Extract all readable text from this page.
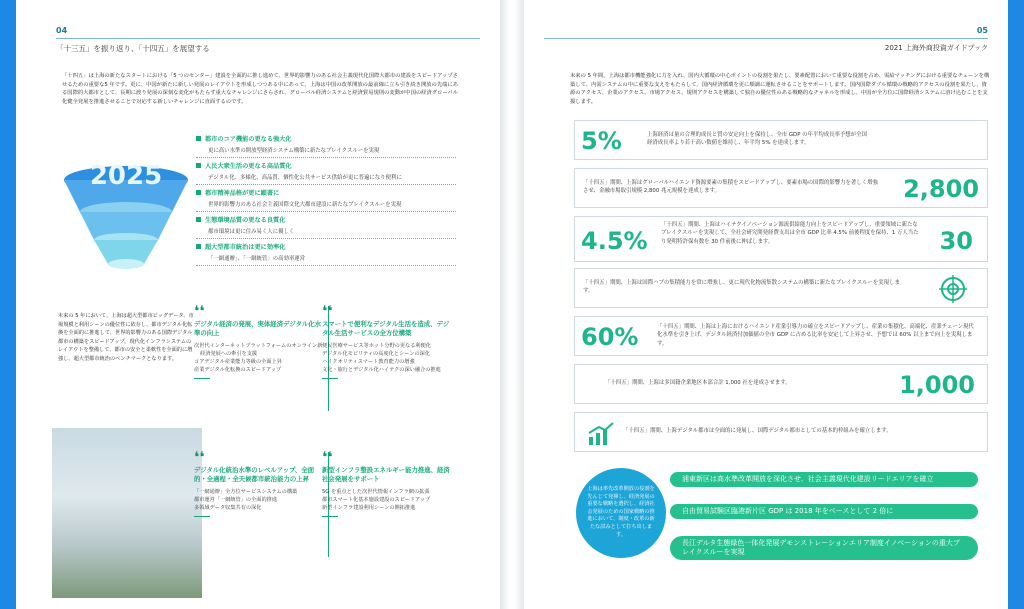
04
「十三五」を振り返り、「十四五」を展望する
「十四五」は上海の新たなスタートにおける「5 つのセンター」建設を全面的に推し進めて、世界的影響力のある社会主義現代化国際大都市の建設をスピードアップさせるための重要な5 年です。更に、中国が新たに新しい発展のレイアウトを形成しつつある中にあって、上海は中国の改革開放の最前線に立ち引き続き開放の先端にある国際的大都市として、長期に渡り発展の深刻な変化がもたらす重大なチャレンジにさらされ、グローバル経済システムと経済貿易規則の変動が中国の経済グローバル化健全発展を推進させることで対応する新しいチャレンジに直面するのです。
2025
都市のコア機能の更なる強大化
更に高い水準の開放型経済システム構築に新たなブレイクスルーを実現
人民大衆生活の更なる高品質化
デジタル化、多様化、高品質、個性化公共サービス供給が更に普遍になり便利に
都市精神品格が更に顕著に
世界的影響力のある社会主義国際文化大都市建設に新たなブレイクスルーを実現
生態環境品質の更なる良質化
都市環境は更に住み易く人に優しく
超大型都市統治は更に効率化
「一網通辦」、「一網統管」の高効率運営
未来の 5 年において、上海は超大型都市ビッグデータ、市場規模と利用シーンの優位性に依存し、都市デジタル化転換を全面的に推進して、世界的影響力のある国際デジタル都市の構築をスピードアップ。現代化インフラシステムのレイアウトを整備して、都市の安全と柔軟性を全面的に増強し、超大型都市統治のベンチマークとなります。
❛❛
デジタル経済の発展、実体経済デジタル化水準の向上
次世代インターネットプラットフォームのオンライン新経済発展への牽引を支援
コアデジタル産業能力等級の全面上昇
産業デジタル化転換のスピードアップ
❛❛
スマートで便利なデジタル生活を造成、デジタル生活サービスの全方位構築
便民医療サービス等ホット分野の更なる利便化
デジタル化モビリティの高度化とシーンの深化
ハイクオリティスマート教育能力の増強
文化・旅行とデジタル化ハイテクの深い融合の推進
❛❛
デジタル化統治水準のレベルアップ、全面的・全過程・全天候都市統治能力の上昇
「一網通辦」全方位サービスシステムの構築
都市運営「一網統管」の全面的推進
多領域データ収集共有の深化
❛❛
新型インフラ整設エネルギー能力推進、経済社会発展をサポート
5G を重点とした次世代情報インフラ網の拡張
都市スマート化基本施設建設のスピードアップ
新型インフラ建設利用シーンの開拓推進
05
2021 上海外商投資ガイドブック
未来の 5 年間、上海は都市機能強化に力を入れ、国内大循環の中心ポイントの役割を果たし、要素配置において重要な役割を占め、需給マッチングにおける重要なチェーンを構築して、内需システムの中に重要な支えをもたらして、国内経済循環を更に順調に運転させることをサポートします。国内国際ダブル循環の戦略的アクセスの役割を果たし、資源のアクセス、企業のアクセス、市場アクセス、規則アクセスを構築して独自の優位性のある戦略的なチャネルを形成し、中国が全方位に国際経済システムに溶け込むことを支援します。
5%	上海経済は量の合理的成長と質の安定向上を保持し、全市 GDP の年平均成長率予想が全国経済成長率より若干高い数値を維持し、年平均 5% を達成します。
「十四五」期間、上海はグローバルハイエンド資源要素の集積をスピードアップし、要素市場の国際的影響力を著しく増強させ、金融市場取引規模 2,800 兆元規模を達成します。	2,800
4.5%
「十四五」期間、上海はハイテクイノベーション源流供給能力向上をスピードアップし、重要領域に新たなブレイクスルーを実現して、全社会研究開発経費支出は全市 GDP 比率 4.5% 前後程度を保持、1 万人当たり発明特許保有数を 30 件前後に伸ばします。	30
「十四五」期間、上海は国際ハブの集積能力を常に増強し、更に現代化物流集散システムの構築に新たなブレイクスルーを実現します。
60%	「十四五」期間、上海は上海におけるハイエンド産業引導力の確立をスピードアップし、産業の集積化、高端化、産業チェーン現代化水準を引き上げ、デジタル経済付加価値の全市 GDP に占める比率を安定して上昇させ、予想では 60% 以上まで向上を実現します。
「十四五」期間、上海は多国籍企業地区本部合計 1,000 社を達成させます。	1,000
「十四五」期間、上海デジタル都市は全面的に発展し、国際デジタル都市としての基本的枠組みを確立します。
上海は率先改革開放の役割を先んじて発揮し、経済発展の重要な戦略を選択し、経済社会発展のための国家戦略の推進において、制度・改革の新たな試みとして打ち出します。
浦東新区は高水準改革開放を深化させ、社会主義現代化建設リードエリアを確立
自由貿易試験区臨港新片区 GDP は 2018 年をベースとして 2 倍に
長江デルタ生態緑色一体化発展デモンストレーションエリア制度イノベーションの重大ブレイクスルーを実現
